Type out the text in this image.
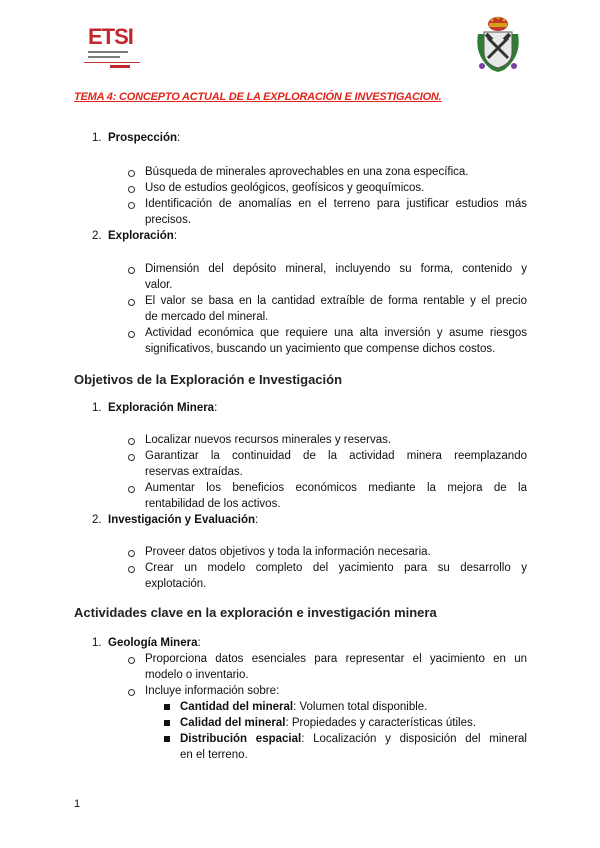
ETSI
TEMA 4: CONCEPTO ACTUAL DE LA EXPLORACIÓN E INVESTIGACION.
1. Prospección:
Búsqueda de minerales aprovechables en una zona específica.
Uso de estudios geológicos, geofísicos y geoquímicos.
Identificación de anomalías en el terreno para justificar estudios más
precisos.
2. Exploración:
Dimensión del depósito mineral, incluyendo su forma, contenido y
valor.
El valor se basa en la cantidad extraíble de forma rentable y el precio
de mercado del mineral.
Actividad económica que requiere una alta inversión y asume riesgos
significativos, buscando un yacimiento que compense dichos costos.
Objetivos de la Exploración e Investigación
1. Exploración Minera:
Localizar nuevos recursos minerales y reservas.
Garantizar la continuidad de la actividad minera reemplazando
reservas extraídas.
Aumentar los beneficios económicos mediante la mejora de la
rentabilidad de los activos.
2. Investigación y Evaluación:
Proveer datos objetivos y toda la información necesaria.
Crear un modelo completo del yacimiento para su desarrollo y
explotación.
Actividades clave en la exploración e investigación minera
1. Geología Minera:
Proporciona datos esenciales para representar el yacimiento en un
modelo o inventario.
Incluye información sobre:
Cantidad del mineral: Volumen total disponible.
Calidad del mineral: Propiedades y características útiles.
Distribución espacial: Localización y disposición del mineral
en el terreno.
1
